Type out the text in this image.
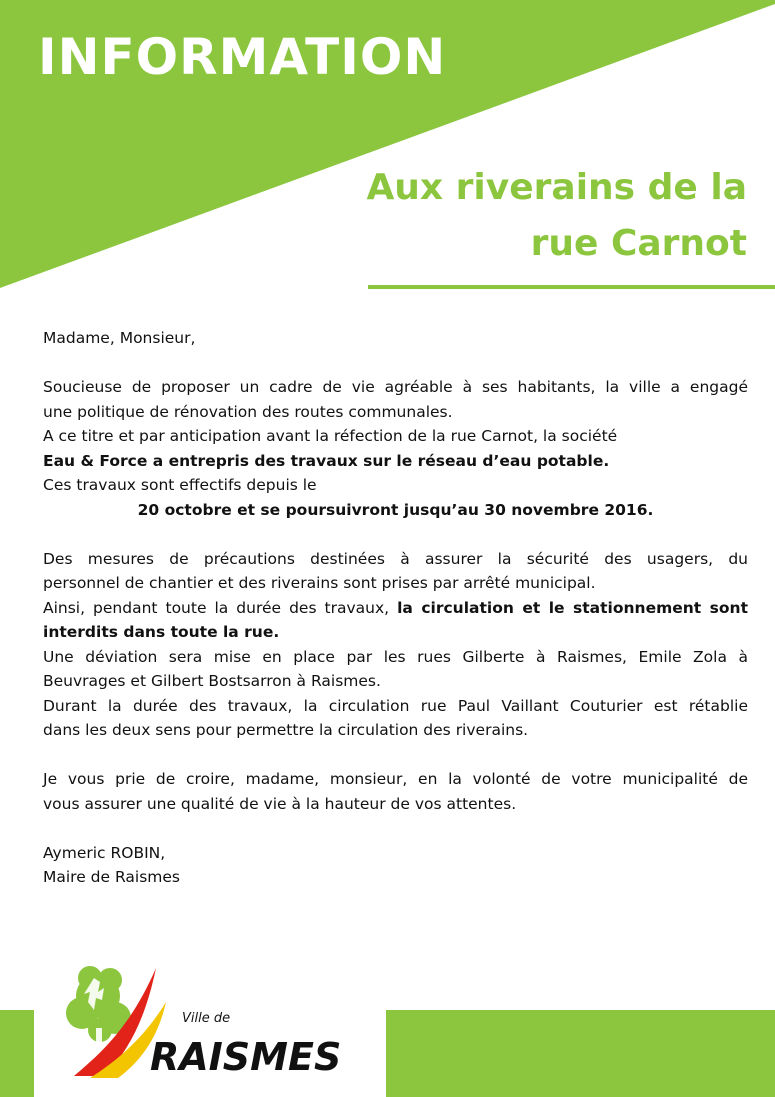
INFORMATION
Aux riverains de la
rue Carnot

Madame, Monsieur,

Soucieuse de proposer un cadre de vie agréable à ses habitants, la ville a engagé

une politique de rénovation des routes communales.

A ce titre et par anticipation avant la réfection de la rue Carnot, la société

Eau & Force a entrepris des travaux sur le réseau d’eau potable.

Ces travaux sont effectifs depuis le

20 octobre et se poursuivront jusqu’au 30 novembre 2016.

Des mesures de précautions destinées à assurer la sécurité des usagers, du

personnel de chantier et des riverains sont prises par arrêté municipal.

Ainsi, pendant toute la durée des travaux, la circulation et le stationnement sont

interdits dans toute la rue.

Une déviation sera mise en place par les rues Gilberte à Raismes, Emile Zola à

Beuvrages et Gilbert Bostsarron à Raismes.

Durant la durée des travaux, la circulation rue Paul Vaillant Couturier est rétablie

dans les deux sens pour permettre la circulation des riverains.

Je vous prie de croire, madame, monsieur, en la volonté de votre municipalité de

vous assurer une qualité de vie à la hauteur de vos attentes.

Aymeric ROBIN,

Maire de Raismes

Ville de
RAISMES
